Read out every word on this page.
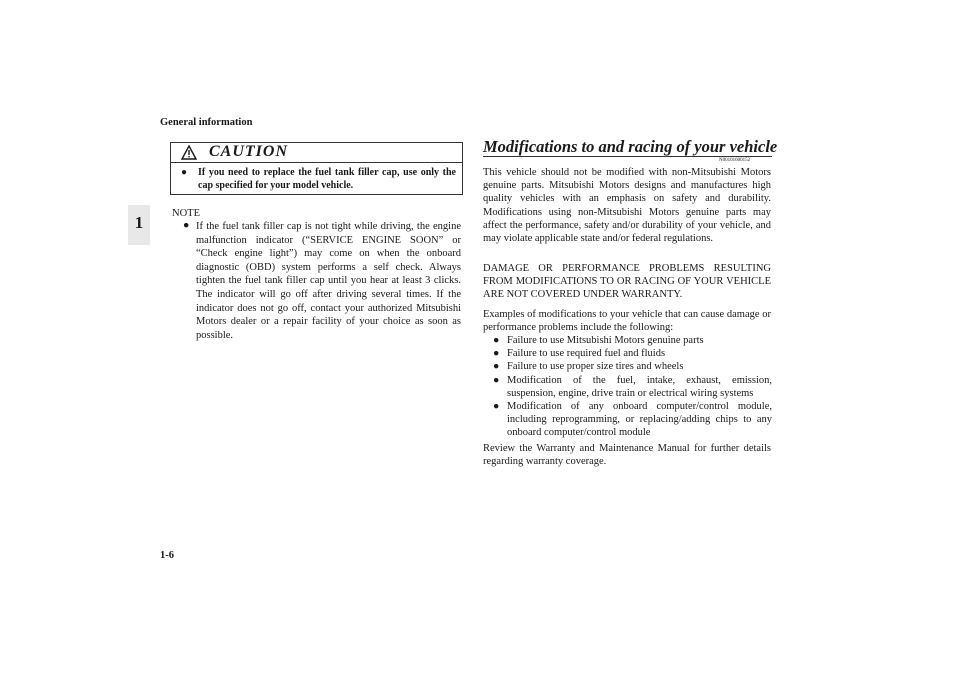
General information
1
CAUTION
● If you need to replace the fuel tank filler cap, use only the cap specified for your model vehicle.
NOTE
● If the fuel tank filler cap is not tight while driving, the engine malfunction indicator (“SERVICE ENGINE SOON” or “Check engine light”) may come on when the onboard diagnostic (OBD) system performs a self check. Always tighten the fuel tank filler cap until you hear at least 3 clicks. The indicator will go off after driving several times. If the indicator does not go off, contact your authorized Mitsubishi Motors dealer or a repair facility of your choice as soon as possible.
Modifications to and racing of your vehicle
N00101600152
This vehicle should not be modified with non-Mitsubishi Motors genuine parts. Mitsubishi Motors designs and manufactures high quality vehicles with an emphasis on safety and durability. Modifications using non-Mitsubishi Motors genuine parts may affect the performance, safety and/or durability of your vehicle, and may violate applicable state and/or federal regulations.
DAMAGE OR PERFORMANCE PROBLEMS RESULTING FROM MODIFICATIONS TO OR RACING OF YOUR VEHICLE ARE NOT COVERED UNDER WARRANTY.
Examples of modifications to your vehicle that can cause damage or performance problems include the following:
● Failure to use Mitsubishi Motors genuine parts
● Failure to use required fuel and fluids
● Failure to use proper size tires and wheels
● Modification of the fuel, intake, exhaust, emission, suspension, engine, drive train or electrical wiring systems
● Modification of any onboard computer/control module, including reprogramming, or replacing/adding chips to any onboard computer/control module
Review the Warranty and Maintenance Manual for further details regarding warranty coverage.
1-6
